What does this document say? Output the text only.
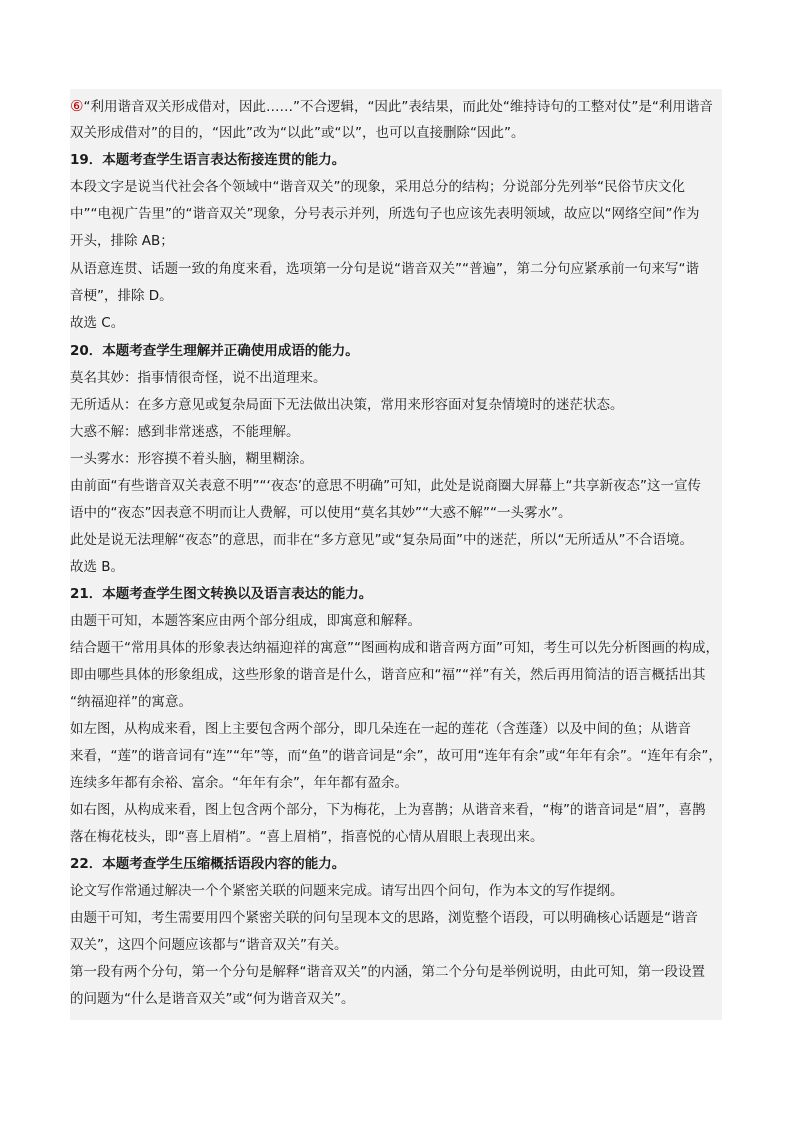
⑥“利用谐音双关形成借对，因此……”不合逻辑，“因此”表结果，而此处“维持诗句的工整对仗”是“利用谐音
双关形成借对”的目的，“因此”改为“以此”或“以”，也可以直接删除“因此”。
19．本题考查学生语言表达衔接连贯的能力。
本段文字是说当代社会各个领域中“谐音双关”的现象，采用总分的结构；分说部分先列举“民俗节庆文化
中”“电视广告里”的“谐音双关”现象，分号表示并列，所选句子也应该先表明领域，故应以“网络空间”作为
开头，排除 AB；
从语意连贯、话题一致的角度来看，选项第一分句是说“谐音双关”“普遍”，第二分句应紧承前一句来写“谐
音梗”，排除 D。
故选 C。
20．本题考查学生理解并正确使用成语的能力。
莫名其妙：指事情很奇怪，说不出道理来。
无所适从：在多方意见或复杂局面下无法做出决策，常用来形容面对复杂情境时的迷茫状态。
大惑不解：感到非常迷惑，不能理解。
一头雾水：形容摸不着头脑，糊里糊涂。
由前面“有些谐音双关表意不明”“‘夜态’的意思不明确”可知，此处是说商圈大屏幕上“共享新夜态”这一宣传
语中的“夜态”因表意不明而让人费解，可以使用“莫名其妙”“大惑不解”“一头雾水”。
此处是说无法理解“夜态”的意思，而非在“多方意见”或“复杂局面”中的迷茫，所以“无所适从”不合语境。
故选 B。
21．本题考查学生图文转换以及语言表达的能力。
由题干可知，本题答案应由两个部分组成，即寓意和解释。
结合题干“常用具体的形象表达纳福迎祥的寓意”“图画构成和谐音两方面”可知，考生可以先分析图画的构成，
即由哪些具体的形象组成，这些形象的谐音是什么，谐音应和“福”“祥”有关，然后再用简洁的语言概括出其
“纳福迎祥”的寓意。
如左图，从构成来看，图上主要包含两个部分，即几朵连在一起的莲花（含莲蓬）以及中间的鱼；从谐音
来看，“莲”的谐音词有“连”“年”等，而“鱼”的谐音词是“余”，故可用“连年有余”或“年年有余”。“连年有余”，
连续多年都有余裕、富余。“年年有余”，年年都有盈余。
如右图，从构成来看，图上包含两个部分，下为梅花，上为喜鹊；从谐音来看，“梅”的谐音词是“眉”，喜鹊
落在梅花枝头，即“喜上眉梢”。“喜上眉梢”，指喜悦的心情从眉眼上表现出来。
22．本题考查学生压缩概括语段内容的能力。
论文写作常通过解决一个个紧密关联的问题来完成。请写出四个问句，作为本文的写作提纲。
由题干可知，考生需要用四个紧密关联的问句呈现本文的思路，浏览整个语段，可以明确核心话题是“谐音
双关”，这四个问题应该都与“谐音双关”有关。
第一段有两个分句，第一个分句是解释“谐音双关”的内涵，第二个分句是举例说明，由此可知，第一段设置
的问题为“什么是谐音双关”或“何为谐音双关”。
